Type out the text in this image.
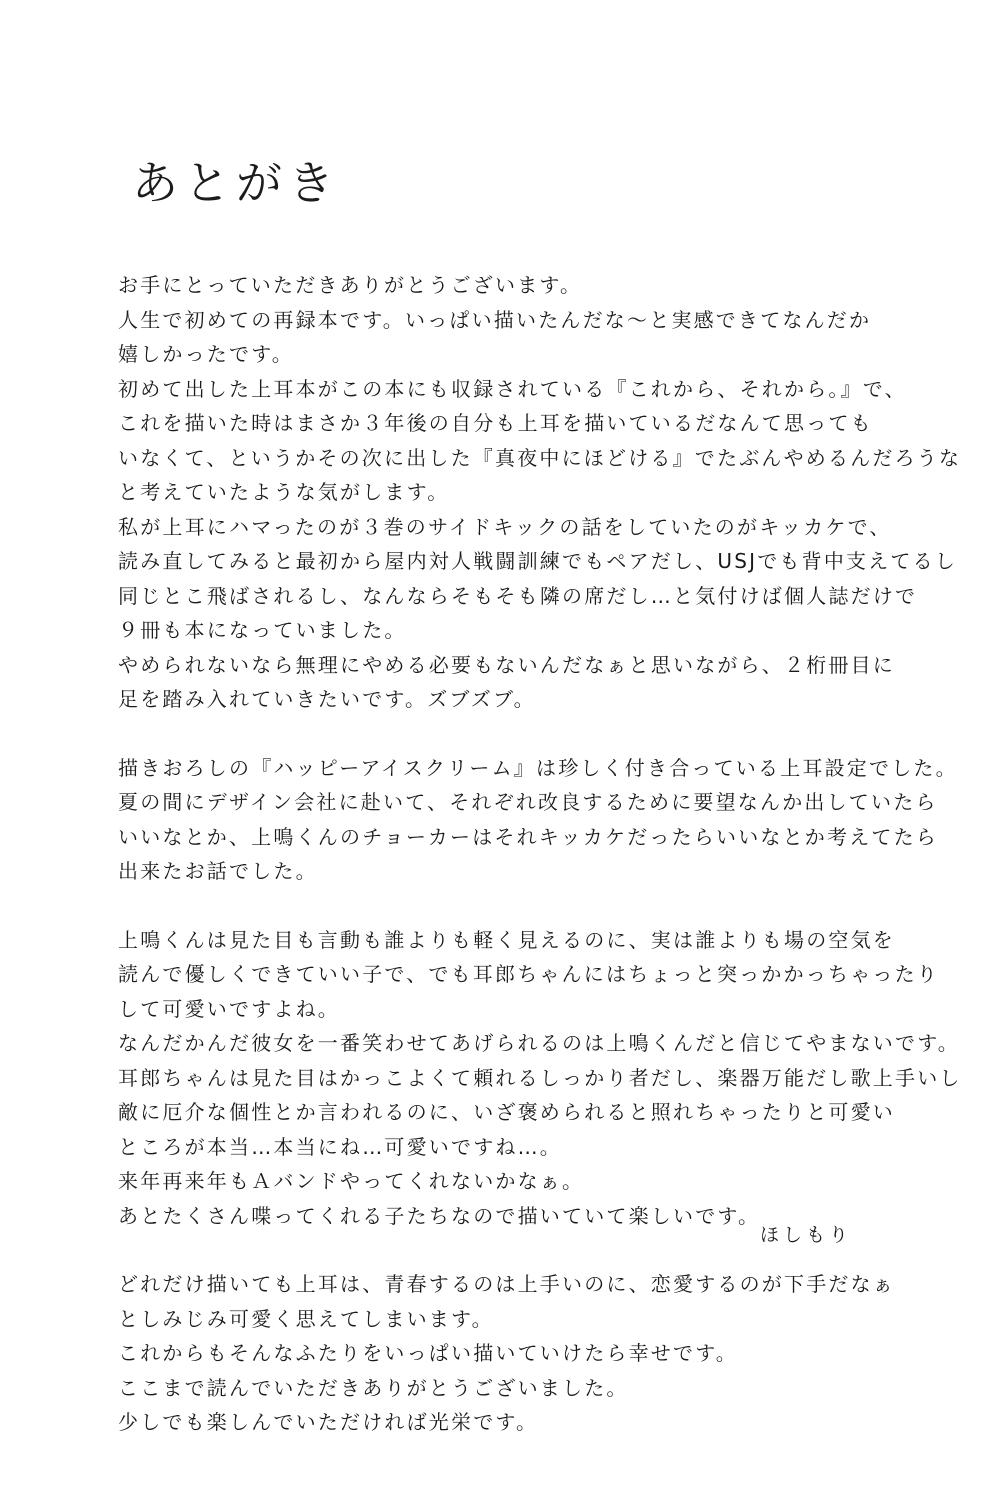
あとがき
お手にとっていただきありがとうございます。
人生で初めての再録本です。いっぱい描いたんだな〜と実感できてなんだか
嬉しかったです。
初めて出した上耳本がこの本にも収録されている『これから、それから。』で、
これを描いた時はまさか３年後の自分も上耳を描いているだなんて思っても
いなくて、というかその次に出した『真夜中にほどける』でたぶんやめるんだろうな
と考えていたような気がします。
私が上耳にハマったのが３巻のサイドキックの話をしていたのがキッカケで、
読み直してみると最初から屋内対人戦闘訓練でもペアだし、USJでも背中支えてるし
同じとこ飛ばされるし、なんならそもそも隣の席だし…と気付けば個人誌だけで
９冊も本になっていました。
やめられないなら無理にやめる必要もないんだなぁと思いながら、２桁冊目に
足を踏み入れていきたいです。ズブズブ。
描きおろしの『ハッピーアイスクリーム』は珍しく付き合っている上耳設定でした。
夏の間にデザイン会社に赴いて、それぞれ改良するために要望なんか出していたら
いいなとか、上鳴くんのチョーカーはそれキッカケだったらいいなとか考えてたら
出来たお話でした。
上鳴くんは見た目も言動も誰よりも軽く見えるのに、実は誰よりも場の空気を
読んで優しくできていい子で、でも耳郎ちゃんにはちょっと突っかかっちゃったり
して可愛いですよね。
なんだかんだ彼女を一番笑わせてあげられるのは上鳴くんだと信じてやまないです。
耳郎ちゃんは見た目はかっこよくて頼れるしっかり者だし、楽器万能だし歌上手いし
敵に厄介な個性とか言われるのに、いざ褒められると照れちゃったりと可愛い
ところが本当…本当にね…可愛いですね…。
来年再来年もＡバンドやってくれないかなぁ。
あとたくさん喋ってくれる子たちなので描いていて楽しいです。
どれだけ描いても上耳は、青春するのは上手いのに、恋愛するのが下手だなぁ
としみじみ可愛く思えてしまいます。
これからもそんなふたりをいっぱい描いていけたら幸せです。
ここまで読んでいただきありがとうございました。
少しでも楽しんでいただければ光栄です。
ほしもり
